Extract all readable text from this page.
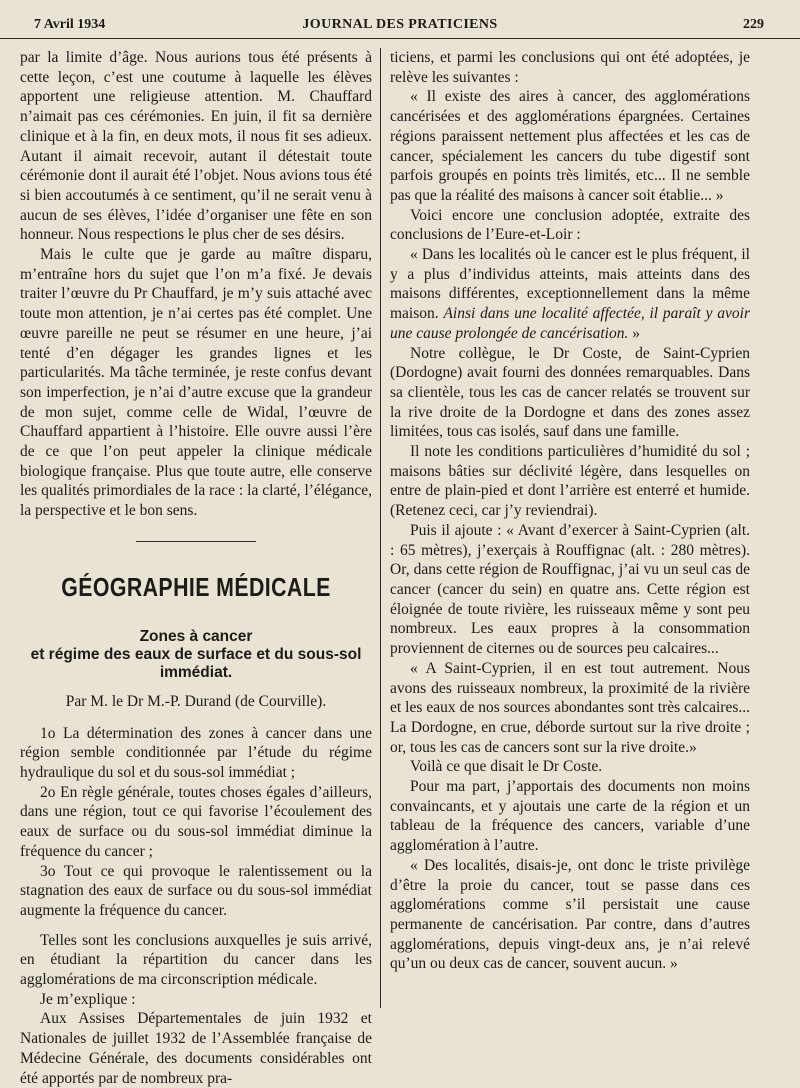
7 Avril 1934	JOURNAL DES PRATICIENS	229

par la limite d’âge. Nous aurions tous été présents à cette leçon, c’est une coutume à laquelle les élèves apportent une religieuse attention. M. Chauffard n’aimait pas ces cérémonies. En juin, il fit sa dernière clinique et à la fin, en deux mots, il nous fit ses adieux. Autant il aimait recevoir, autant il détestait toute cérémonie dont il aurait été l’objet. Nous avions tous été si bien accoutumés à ce sentiment, qu’il ne serait venu à aucun de ses élèves, l’idée d’organiser une fête en son honneur. Nous respections le plus cher de ses désirs.

Mais le culte que je garde au maître disparu, m’entraîne hors du sujet que l’on m’a fixé. Je devais traiter l’œuvre du Pr Chauffard, je m’y suis attaché avec toute mon attention, je n’ai certes pas été complet. Une œuvre pareille ne peut se résumer en une heure, j’ai tenté d’en dégager les grandes lignes et les particularités. Ma tâche terminée, je reste confus devant son imperfection, je n’ai d’autre excuse que la grandeur de mon sujet, comme celle de Widal, l’œuvre de Chauffard appartient à l’histoire. Elle ouvre aussi l’ère de ce que l’on peut appeler la clinique médicale biologique française. Plus que toute autre, elle conserve les qualités primordiales de la race : la clarté, l’élégance, la perspective et le bon sens.

GÉOGRAPHIE MÉDICALE

Zones à cancer

et régime des eaux de surface et du sous-sol immédiat.

Par M. le Dr M.-P. Durand (de Courville).

1o La détermination des zones à cancer dans une région semble conditionnée par l’étude du régime hydraulique du sol et du sous-sol immédiat ;

2o En règle générale, toutes choses égales d’ailleurs, dans une région, tout ce qui favorise l’écoulement des eaux de surface ou du sous-sol immédiat diminue la fréquence du cancer ;

3o Tout ce qui provoque le ralentissement ou la stagnation des eaux de surface ou du sous-sol immédiat augmente la fréquence du cancer.

Telles sont les conclusions auxquelles je suis arrivé, en étudiant la répartition du cancer dans les agglomérations de ma circonscription médicale.

Je m’explique :

Aux Assises Départementales de juin 1932 et Nationales de juillet 1932 de l’Assemblée française de Médecine Générale, des documents considérables ont été apportés par de nombreux pra-

ticiens, et parmi les conclusions qui ont été adoptées, je relève les suivantes :

« Il existe des aires à cancer, des agglomérations cancérisées et des agglomérations épargnées. Certaines régions paraissent nettement plus affectées et les cas de cancer, spécialement les cancers du tube digestif sont parfois groupés en points très limités, etc... Il ne semble pas que la réalité des maisons à cancer soit établie... »

Voici encore une conclusion adoptée, extraite des conclusions de l’Eure-et-Loir :

« Dans les localités où le cancer est le plus fréquent, il y a plus d’individus atteints, mais atteints dans des maisons différentes, exceptionnellement dans la même maison. Ainsi dans une localité affectée, il paraît y avoir une cause prolongée de cancérisation. »

Notre collègue, le Dr Coste, de Saint-Cyprien (Dordogne) avait fourni des données remarquables. Dans sa clientèle, tous les cas de cancer relatés se trouvent sur la rive droite de la Dordogne et dans des zones assez limitées, tous cas isolés, sauf dans une famille.

Il note les conditions particulières d’humidité du sol ; maisons bâties sur déclivité légère, dans lesquelles on entre de plain-pied et dont l’arrière est enterré et humide. (Retenez ceci, car j’y reviendrai).

Puis il ajoute : « Avant d’exercer à Saint-Cyprien (alt. : 65 mètres), j’exerçais à Rouffignac (alt. : 280 mètres). Or, dans cette région de Rouffignac, j’ai vu un seul cas de cancer (cancer du sein) en quatre ans. Cette région est éloignée de toute rivière, les ruisseaux même y sont peu nombreux. Les eaux propres à la consommation proviennent de citernes ou de sources peu calcaires...

« A Saint-Cyprien, il en est tout autrement. Nous avons des ruisseaux nombreux, la proximité de la rivière et les eaux de nos sources abondantes sont très calcaires... La Dordogne, en crue, déborde surtout sur la rive droite ; or, tous les cas de cancers sont sur la rive droite.»

Voilà ce que disait le Dr Coste.

Pour ma part, j’apportais des documents non moins convaincants, et y ajoutais une carte de la région et un tableau de la fréquence des cancers, variable d’une agglomération à l’autre.

« Des localités, disais-je, ont donc le triste privilège d’être la proie du cancer, tout se passe dans ces agglomérations comme s’il persistait une cause permanente de cancérisation. Par contre, dans d’autres agglomérations, depuis vingt-deux ans, je n’ai relevé qu’un ou deux cas de cancer, souvent aucun. »
